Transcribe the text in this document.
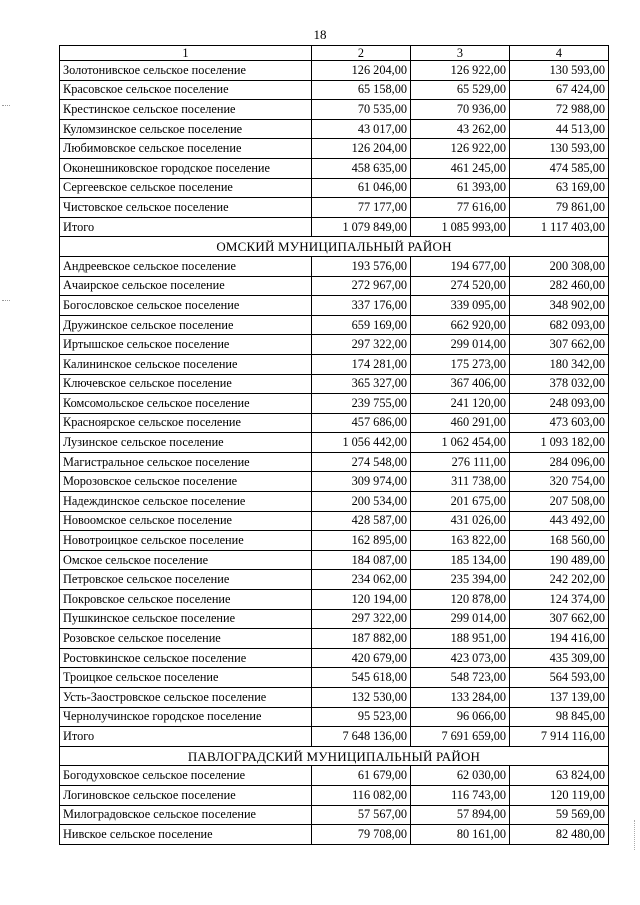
18
1	2	3	4
Золотонивское сельское поселение	126 204,00	126 922,00	130 593,00
Красовское сельское поселение	65 158,00	65 529,00	67 424,00
Крестинское сельское поселение	70 535,00	70 936,00	72 988,00
Куломзинское сельское поселение	43 017,00	43 262,00	44 513,00
Любимовское сельское поселение	126 204,00	126 922,00	130 593,00
Оконешниковское городское поселение	458 635,00	461 245,00	474 585,00
Сергеевское сельское поселение	61 046,00	61 393,00	63 169,00
Чистовское сельское поселение	77 177,00	77 616,00	79 861,00
Итого	1 079 849,00	1 085 993,00	1 117 403,00
ОМСКИЙ МУНИЦИПАЛЬНЫЙ РАЙОН			
Андреевское сельское поселение	193 576,00	194 677,00	200 308,00
Ачаирское сельское поселение	272 967,00	274 520,00	282 460,00
Богословское сельское поселение	337 176,00	339 095,00	348 902,00
Дружинское сельское поселение	659 169,00	662 920,00	682 093,00
Иртышское сельское поселение	297 322,00	299 014,00	307 662,00
Калининское сельское поселение	174 281,00	175 273,00	180 342,00
Ключевское сельское поселение	365 327,00	367 406,00	378 032,00
Комсомольское сельское поселение	239 755,00	241 120,00	248 093,00
Красноярское сельское поселение	457 686,00	460 291,00	473 603,00
Лузинское сельское поселение	1 056 442,00	1 062 454,00	1 093 182,00
Магистральное сельское поселение	274 548,00	276 111,00	284 096,00
Морозовское сельское поселение	309 974,00	311 738,00	320 754,00
Надеждинское сельское поселение	200 534,00	201 675,00	207 508,00
Новоомское сельское поселение	428 587,00	431 026,00	443 492,00
Новотроицкое сельское поселение	162 895,00	163 822,00	168 560,00
Омское сельское поселение	184 087,00	185 134,00	190 489,00
Петровское сельское поселение	234 062,00	235 394,00	242 202,00
Покровское сельское поселение	120 194,00	120 878,00	124 374,00
Пушкинское сельское поселение	297 322,00	299 014,00	307 662,00
Розовское сельское поселение	187 882,00	188 951,00	194 416,00
Ростовкинское сельское поселение	420 679,00	423 073,00	435 309,00
Троицкое сельское поселение	545 618,00	548 723,00	564 593,00
Усть-Заостровское сельское поселение	132 530,00	133 284,00	137 139,00
Чернолучинское городское поселение	95 523,00	96 066,00	98 845,00
Итого	7 648 136,00	7 691 659,00	7 914 116,00
ПАВЛОГРАДСКИЙ МУНИЦИПАЛЬНЫЙ РАЙОН			
Богодуховское сельское поселение	61 679,00	62 030,00	63 824,00
Логиновское сельское поселение	116 082,00	116 743,00	120 119,00
Милоградовское сельское поселение	57 567,00	57 894,00	59 569,00
Нивское сельское поселение	79 708,00	80 161,00	82 480,00
